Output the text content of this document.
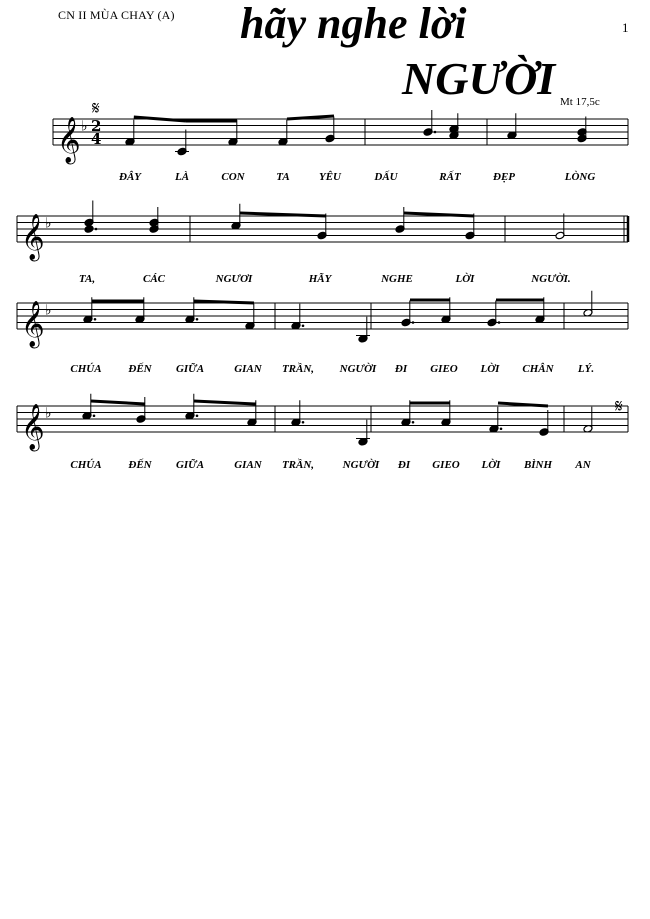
CN II MÙA CHAY (A)
1
hãy nghe lời
NGƯỜI Mt 17,5c
𝄞 ♭ 2
4
𝄋
𝄞 ♭
𝄞 ♭
𝄞 ♭	𝄋
ĐÂY	LÀ	CON	TA	YÊU	DẤU	RẤT	ĐẸP	LÒNG
TA,	CÁC	NGƯƠI	HÃY	NGHE	LỜI	NGƯỜI.
CHÚA ĐẾN GIỮA	GIAN TRẦN, NGƯỜI ĐI GIEO LỜI CHÂN LÝ.
CHÚA ĐẾN GIỮA	GIAN TRẦN,	NGƯỜI ĐI GIEO LỜI BÌNH AN
